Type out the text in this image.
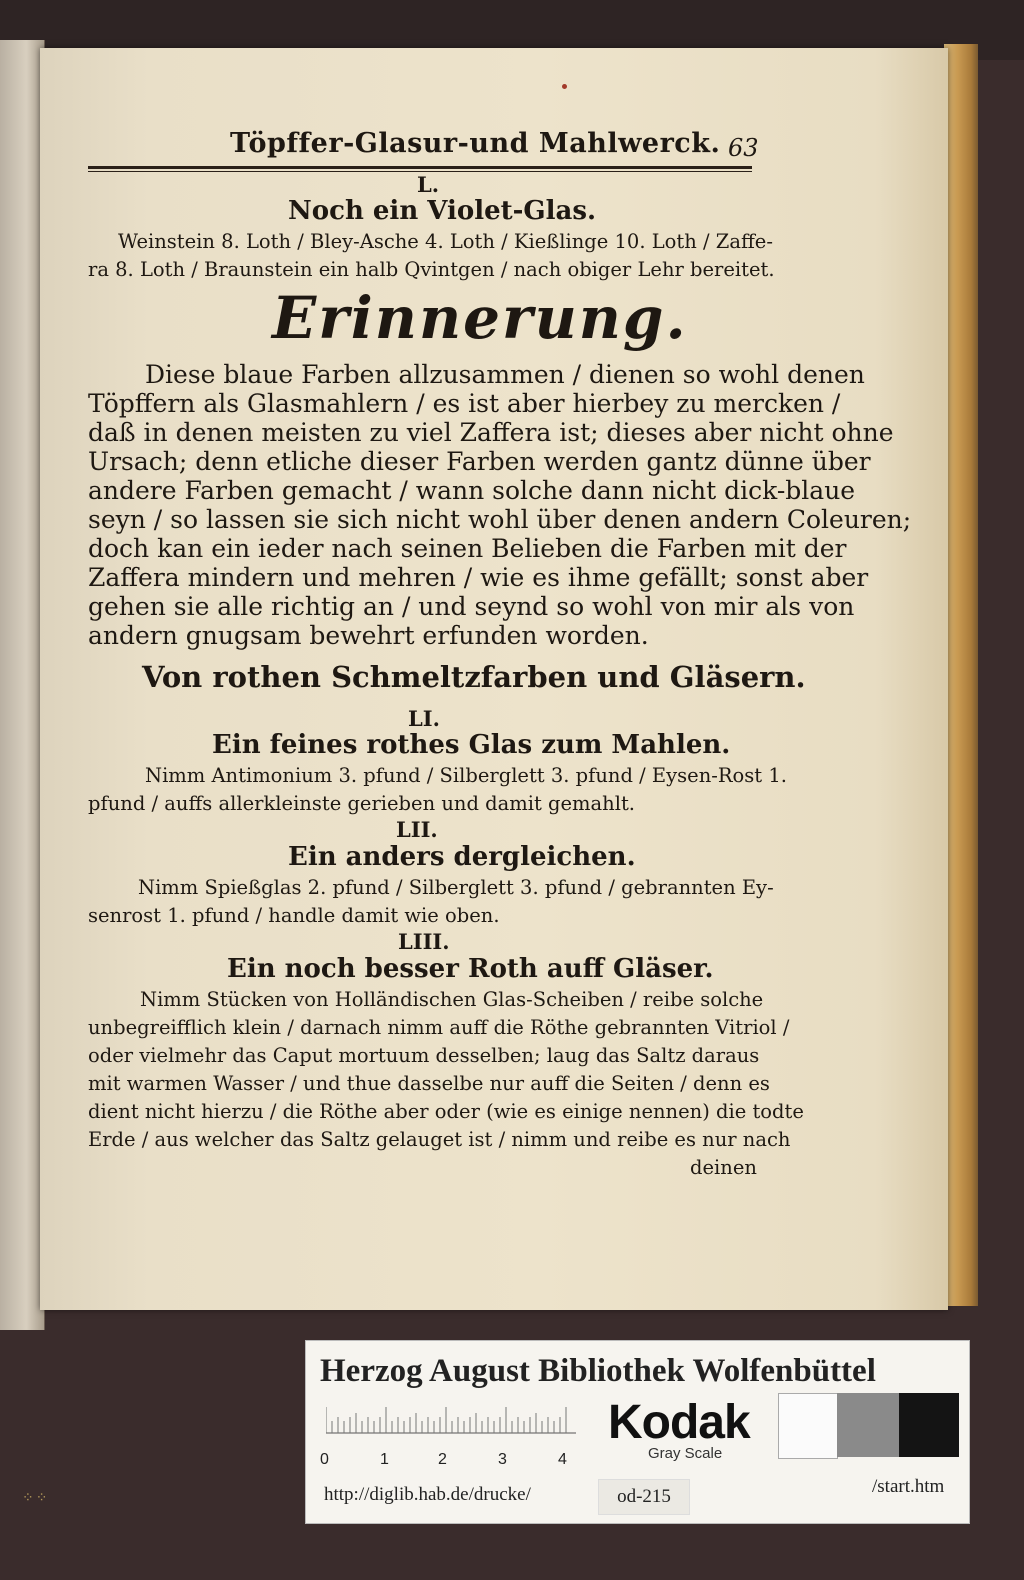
Töpffer-Glasur-und Mahlwerck. 63
L.
Noch ein Violet-Glas.
Weinstein 8. Loth / Bley-Asche 4. Loth / Kießlinge 10. Loth / Zaffe-
ra 8. Loth / Braunstein ein halb Qvintgen / nach obiger Lehr bereitet.
Erinnerung.
Diese blaue Farben allzusammen / dienen so wohl denen
Töpffern als Glasmahlern / es ist aber hierbey zu mercken /
daß in denen meisten zu viel Zaffera ist; dieses aber nicht ohne
Ursach; denn etliche dieser Farben werden gantz dünne über
andere Farben gemacht / wann solche dann nicht dick-blaue
seyn / so lassen sie sich nicht wohl über denen andern Coleuren;
doch kan ein ieder nach seinen Belieben die Farben mit der
Zaffera mindern und mehren / wie es ihme gefällt; sonst aber
gehen sie alle richtig an / und seynd so wohl von mir als von
andern gnugsam bewehrt erfunden worden.
Von rothen Schmeltzfarben und Gläsern.
LI.
Ein feines rothes Glas zum Mahlen.
Nimm Antimonium 3. pfund / Silberglett 3. pfund / Eysen-Rost 1.
pfund / auffs allerkleinste gerieben und damit gemahlt.
LII.
Ein anders dergleichen.
Nimm Spießglas 2. pfund / Silberglett 3. pfund / gebrannten Ey-
senrost 1. pfund / handle damit wie oben.
LIII.
Ein noch besser Roth auff Gläser.
Nimm Stücken von Holländischen Glas-Scheiben / reibe solche
unbegreifflich klein / darnach nimm auff die Röthe gebrannten Vitriol /
oder vielmehr das Caput mortuum desselben; laug das Saltz daraus
mit warmen Wasser / und thue dasselbe nur auff die Seiten / denn es
dient nicht hierzu / die Röthe aber oder (wie es einige nennen) die todte
Erde / aus welcher das Saltz gelauget ist / nimm und reibe es nur nach
deinen
Herzog August Bibliothek Wolfenbüttel
0	1	2	3	4
Kodak
Gray Scale
http://diglib.hab.de/drucke/	od-215	/start.htm
⁘⁘
